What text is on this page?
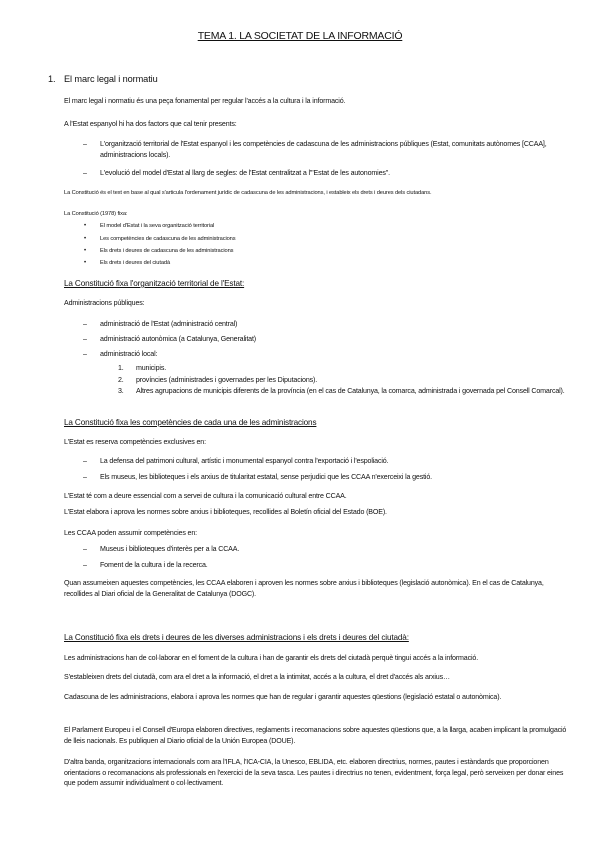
TEMA 1. LA SOCIETAT DE LA INFORMACIÓ
1. El marc legal i normatiu
El marc legal i normatiu és una peça fonamental per regular l'accés a la cultura i la informació.
A l'Estat espanyol hi ha dos factors que cal tenir presents:
– L'organització territorial de l'Estat espanyol i les competències de cadascuna de les administracions públiques (Estat, comunitats autònomes [CCAA], administracions locals).
– L'evolució del model d'Estat al llarg de segles: de l'Estat centralitzat a l'"Estat de les autonomies".
La Constitució és el text en base al qual s'articula l'ordenament jurídic de cadascuna de les administracions, i estableix els drets i deures dels ciutadans.
La Constitució (1978) fixa:
• El model d'Estat i la seva organització territorial
• Les competències de cadascuna de les administracions
• Els drets i deures de cadascuna de les administracions
• Els drets i deures del ciutadà
La Constitució fixa l'organització territorial de l'Estat:
Administracions públiques:
– administració de l'Estat (administració central)
– administració autonòmica (a Catalunya, Generalitat)
– administració local:
1. municipis.
2. províncies (administrades i governades per les Diputacions).
3. Altres agrupacions de municipis diferents de la província (en el cas de Catalunya, la comarca, administrada i governada pel Consell Comarcal).
La Constitució fixa les competències de cada una de les administracions
L'Estat es reserva competències exclusives en:
– La defensa del patrimoni cultural, artístic i monumental espanyol contra l'exportació i l'espoliació.
– Els museus, les biblioteques i els arxius de titularitat estatal, sense perjudici que les CCAA n'exerceixi la gestió.
L'Estat té com a deure essencial com a servei de cultura i la comunicació cultural entre CCAA.
L'Estat elabora i aprova les normes sobre arxius i biblioteques, recollides al Boletín oficial del Estado (BOE).
Les CCAA poden assumir competències en:
– Museus i biblioteques d'interès per a la CCAA.
– Foment de la cultura i de la recerca.
Quan assumeixen aquestes competències, les CCAA elaboren i aproven les normes sobre arxius i biblioteques (legislació autonòmica). En el cas de Catalunya, recollides al Diari oficial de la Generalitat de Catalunya (DOGC).
La Constitució fixa els drets i deures de les diverses administracions i els drets i deures del ciutadà:
Les administracions han de col·laborar en el foment de la cultura i han de garantir els drets del ciutadà perquè tingui accés a la informació.
S'estableixen drets del ciutadà, com ara el dret a la informació, el dret a la intimitat, accés a la cultura, el dret d'accés als arxius…
Cadascuna de les administracions, elabora i aprova les normes que han de regular i garantir aquestes qüestions (legislació estatal o autonòmica).
El Parlament Europeu i el Consell d'Europa elaboren directives, reglaments i recomanacions sobre aquestes qüestions que, a la llarga, acaben implicant la promulgació de lleis nacionals. Es publiquen al Diario oficial de la Unión Europea (DOUE).
D'altra banda, organitzacions internacionals com ara l'IFLA, l'ICA-CIA, la Unesco, EBLIDA, etc. elaboren directrius, normes, pautes i estàndards que proporcionen orientacions o recomanacions als professionals en l'exercici de la seva tasca. Les pautes i directrius no tenen, evidentment, força legal, però serveixen per donar eines que podem assumir individualment o col·lectivament.
